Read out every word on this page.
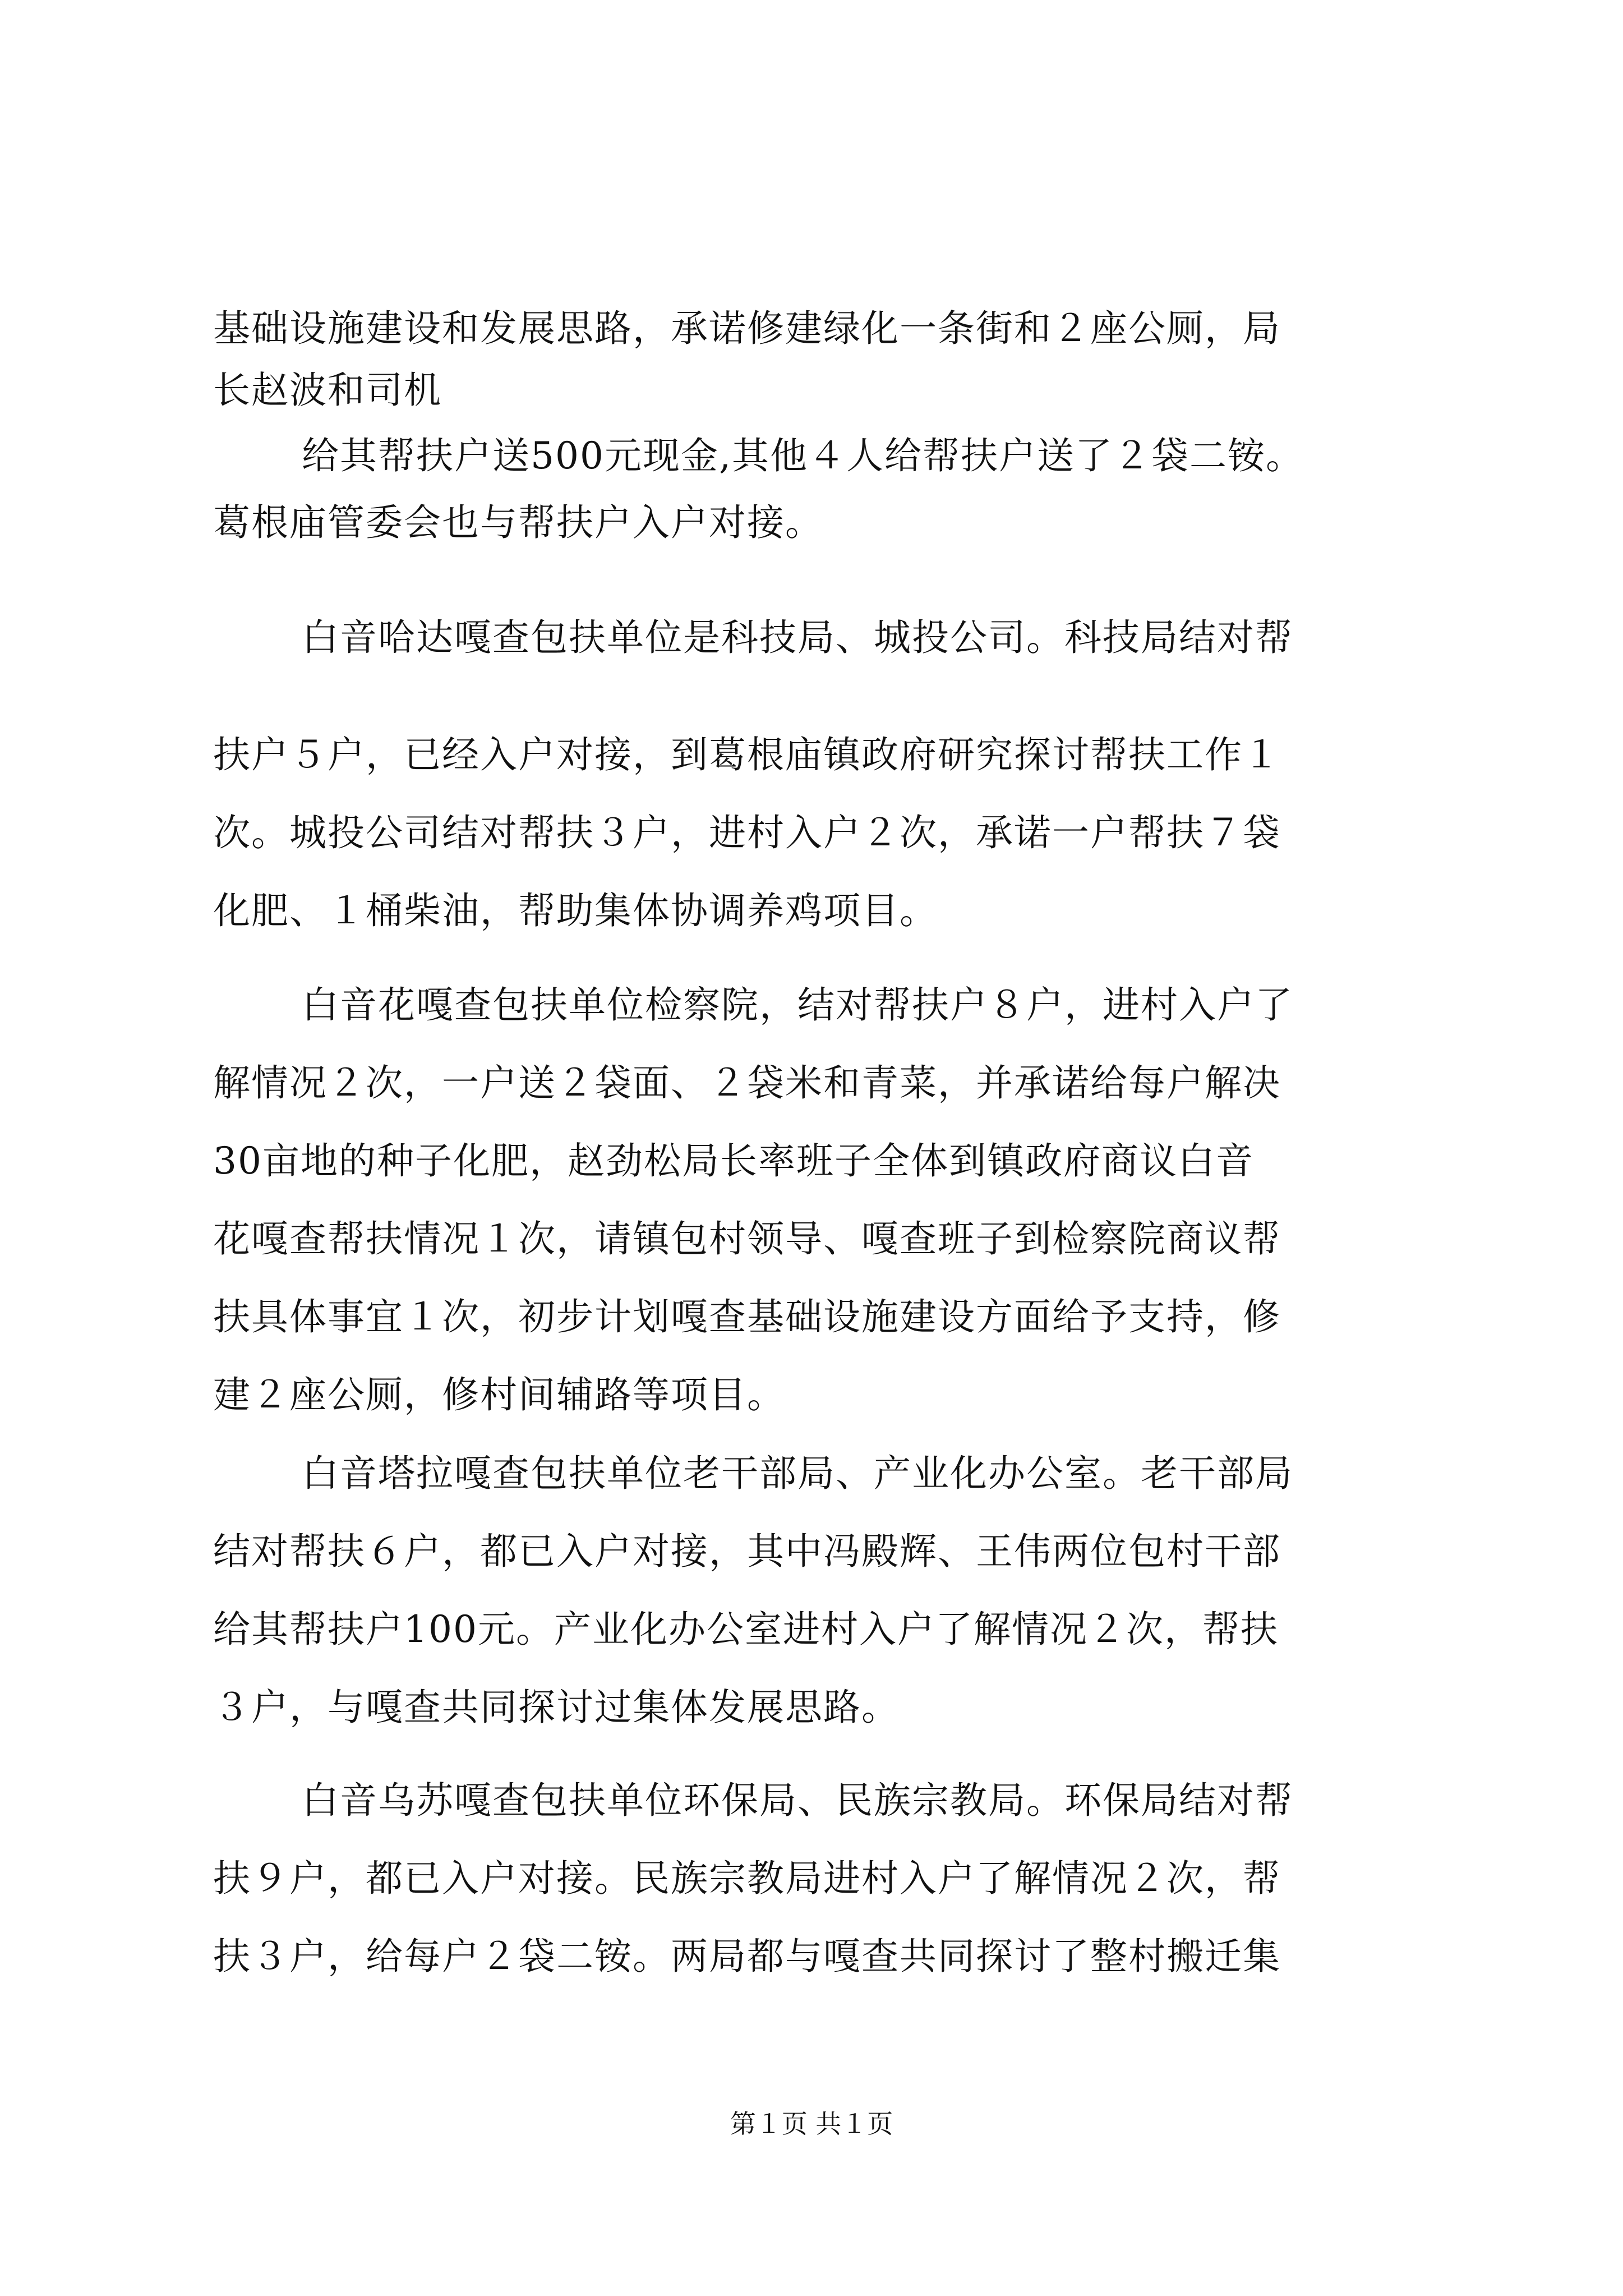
基础设施建设和发展思路，承诺修建绿化一条街和２座公厕，局

长赵波和司机

给其帮扶户送500元现金,其他４人给帮扶户送了２袋二铵。

葛根庙管委会也与帮扶户入户对接。

白音哈达嘎查包扶单位是科技局、城投公司。科技局结对帮

扶户５户，已经入户对接，到葛根庙镇政府研究探讨帮扶工作１

次。城投公司结对帮扶３户，进村入户２次，承诺一户帮扶７袋

化肥、１桶柴油，帮助集体协调养鸡项目。

白音花嘎查包扶单位检察院，结对帮扶户８户，进村入户了

解情况２次，一户送２袋面、２袋米和青菜，并承诺给每户解决

30亩地的种子化肥，赵劲松局长率班子全体到镇政府商议白音

花嘎查帮扶情况１次，请镇包村领导、嘎查班子到检察院商议帮

扶具体事宜１次，初步计划嘎查基础设施建设方面给予支持，修

建２座公厕，修村间辅路等项目。

白音塔拉嘎查包扶单位老干部局、产业化办公室。老干部局

结对帮扶６户，都已入户对接，其中冯殿辉、王伟两位包村干部

给其帮扶户100元。产业化办公室进村入户了解情况２次，帮扶

３户，与嘎查共同探讨过集体发展思路。

白音乌苏嘎查包扶单位环保局、民族宗教局。环保局结对帮

扶９户，都已入户对接。民族宗教局进村入户了解情况２次，帮

扶３户，给每户２袋二铵。两局都与嘎查共同探讨了整村搬迁集

第１页 共１页
